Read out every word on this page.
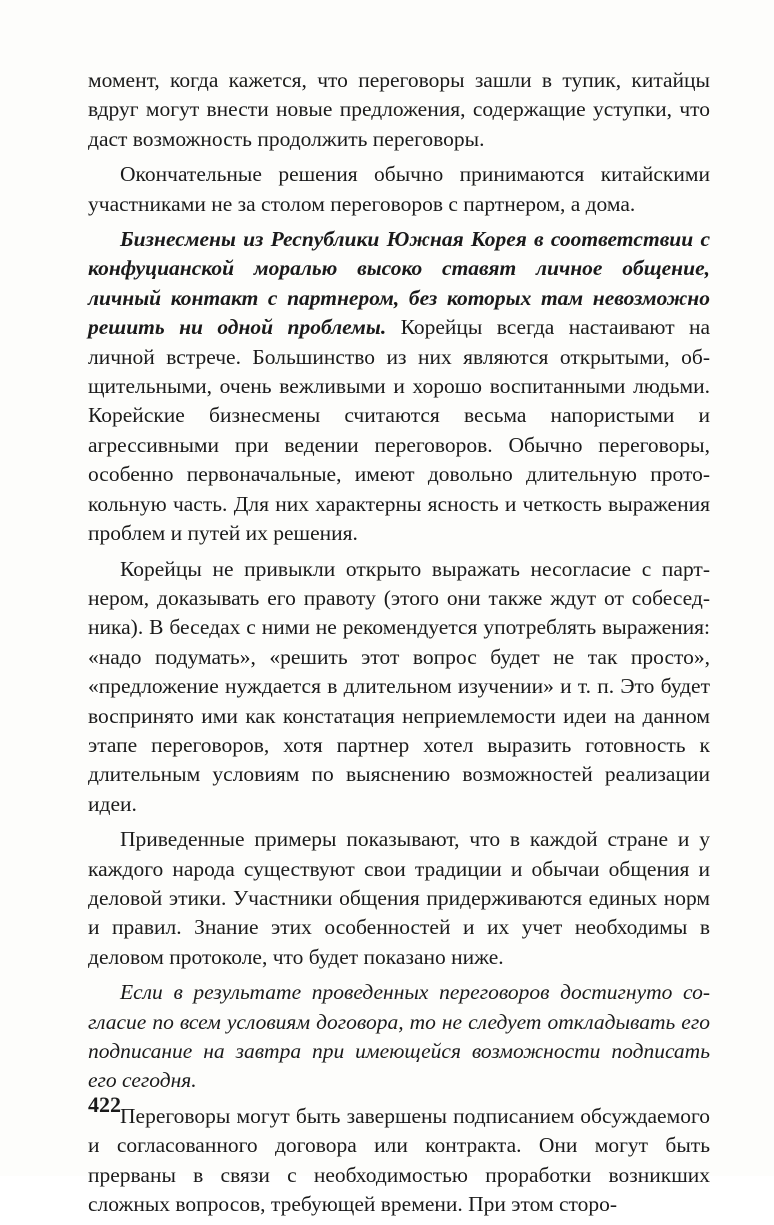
момент, когда кажется, что переговоры зашли в тупик, китайцы вдруг могут внести новые предложения, содержащие уступки, что даст возможность продолжить переговоры.

Окончательные решения обычно принимаются китайскими участниками не за столом переговоров с партнером, а дома.

Бизнесмены из Республики Южная Корея в соответствии с конфуцианской моралью высоко ставят личное общение, личный контакт с партнером, без которых там невозможно решить ни одной проблемы. Корейцы всегда настаивают на личной встрече. Большинство из них являются открытыми, общительными, очень вежливыми и хорошо воспитанными людьми. Корейские бизнесмены считаются весьма напористыми и агрессивными при ведении переговоров. Обычно переговоры, особенно первоначальные, имеют довольно длительную протокольную часть. Для них характерны ясность и четкость выражения проблем и путей их решения.

Корейцы не привыкли открыто выражать несогласие с партнером, доказывать его правоту (этого они также ждут от собеседника). В беседах с ними не рекомендуется употреблять выражения: «надо подумать», «решить этот вопрос будет не так просто», «предложение нуждается в длительном изучении» и т. п. Это будет воспринято ими как констатация неприемлемости идеи на данном этапе переговоров, хотя партнер хотел выразить готовность к длительным условиям по выяснению возможностей реализации идеи.

Приведенные примеры показывают, что в каждой стране и у каждого народа существуют свои традиции и обычаи общения и деловой этики. Участники общения придерживаются единых норм и правил. Знание этих особенностей и их учет необходимы в деловом протоколе, что будет показано ниже.

Если в результате проведенных переговоров достигнуто согласие по всем условиям договора, то не следует откладывать его подписание на завтра при имеющейся возможности подписать его сегодня.

Переговоры могут быть завершены подписанием обсуждаемого и согласованного договора или контракта. Они могут быть прерваны в связи с необходимостью проработки возникших сложных вопросов, требующей времени. При этом сторо-

422
